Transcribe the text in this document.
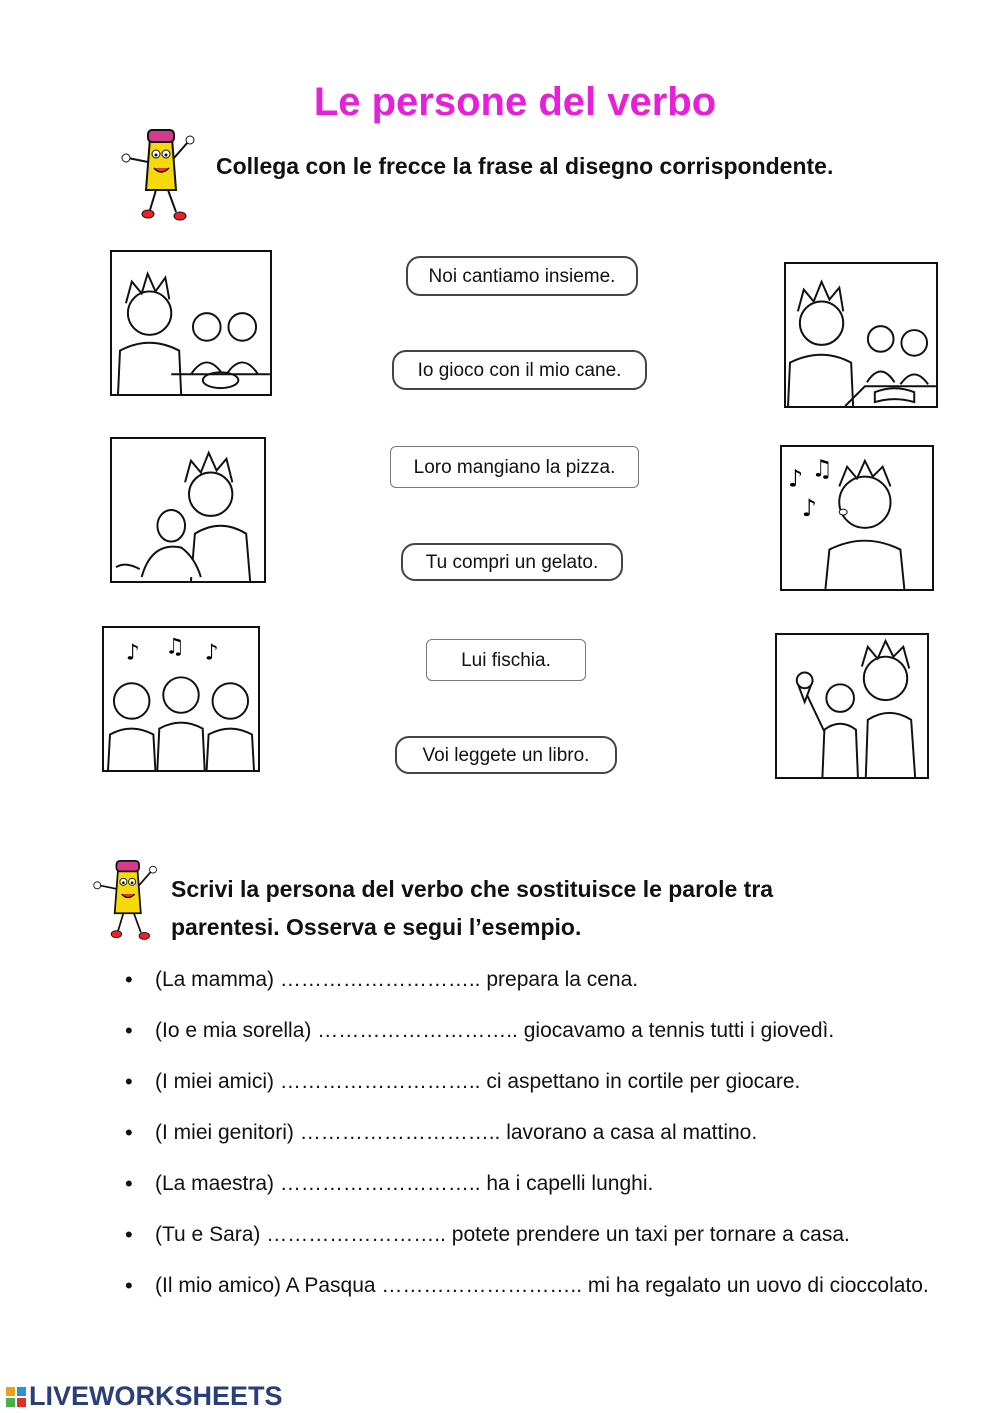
Le persone del verbo
Collega con le frecce la frase al disegno corrispondente.
♪ ♫ ♪
Noi cantiamo insieme.
Io gioco con il mio cane.
Loro mangiano la pizza.
Tu compri un gelato.
Lui fischia.
Voi leggete un libro.
♪ ♫
♪
Scrivi la persona del verbo che sostituisce le parole tra
parentesi. Osserva e segui l’esempio.
• (La mamma) ……………………….. prepara la cena.
• (Io e mia sorella) ……………………….. giocavamo a tennis tutti i giovedì.
• (I miei amici) ……………………….. ci aspettano in cortile per giocare.
• (I miei genitori) ……………………….. lavorano a casa al mattino.
• (La maestra) ……………………….. ha i capelli lunghi.
• (Tu e Sara) …………………….. potete prendere un taxi per tornare a casa.
• (Il mio amico) A Pasqua ……………………….. mi ha regalato un uovo di cioccolato.
LIVEWORKSHEETS
